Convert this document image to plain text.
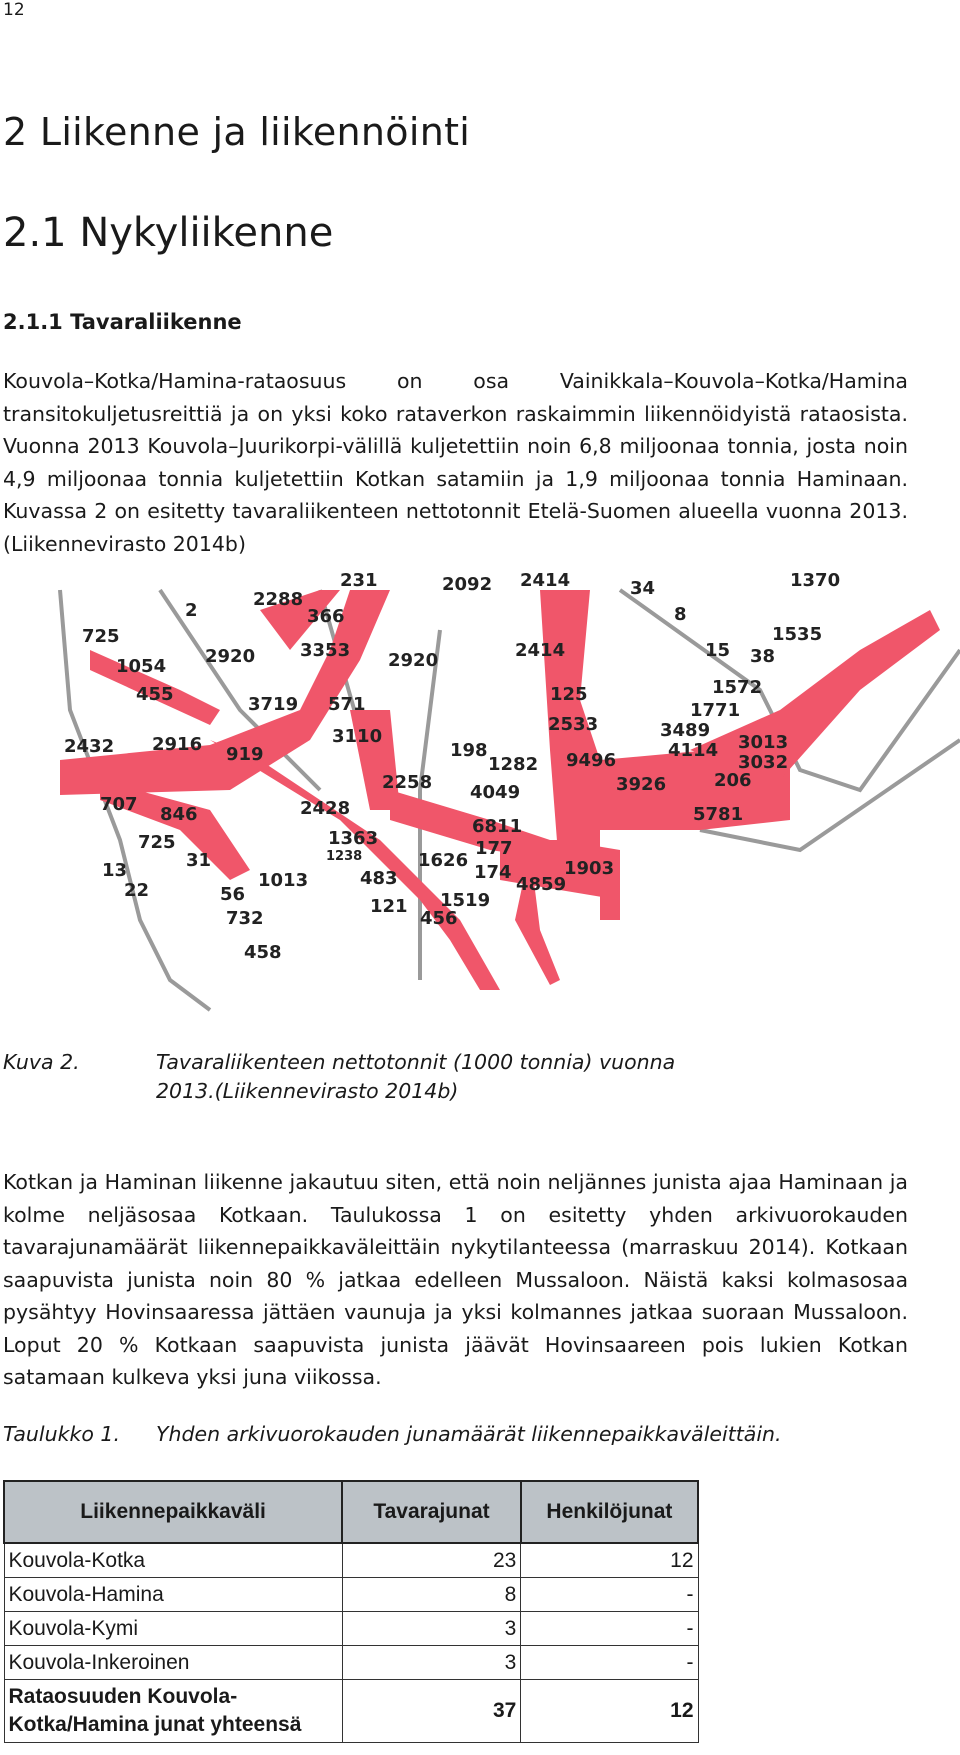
12
2 Liikenne ja liikennöinti
2.1 Nykyliikenne
2.1.1 Tavaraliikenne

Kouvola–Kotka/Hamina-rataosuus on osa Vainikkala–Kouvola–Kotka/Hamina transitokuljetusreittiä ja on yksi koko rataverkon raskaimmin liikennöidyistä rataosista. Vuonna 2013 Kouvola–Juurikorpi-välillä kuljetettiin noin 6,8 miljoonaa tonnia, josta noin 4,9 miljoonaa tonnia kuljetettiin Kotkan satamiin ja 1,9 miljoonaa tonnia Haminaan. Kuvassa 2 on esitetty tavaraliikenteen nettotonnit Etelä-Suomen alueella vuonna 2013. (Liikennevirasto 2014b)

231	2092 2414	34	1370
2
2288
366	8
725
2920 3353 2920	2414	15
1535
38
1054
125	1572
455	3719 571	1771
2533	3489
2432 2916	3110
198	4114 3013
919	1282 9496
3926
3032
206
2258 4049
707 846	2428
6811
5781
1363
1238
725
31	1626
177
1903
13	1013	483	174
22	4859
56
121 1519
732	456
458
Kuva 2.	Tavaraliikenteen nettotonnit (1000 tonnia) vuonna
2013.(Liikennevirasto 2014b)

Kotkan ja Haminan liikenne jakautuu siten, että noin neljännes junista ajaa Haminaan ja kolme neljäsosaa Kotkaan. Taulukossa 1 on esitetty yhden arkivuorokauden tavarajunamäärät liikennepaikkaväleittäin nykytilanteessa (marraskuu 2014). Kotkaan saapuvista junista noin 80 % jatkaa edelleen Mussaloon. Näistä kaksi kolmasosaa pysähtyy Hovinsaaressa jättäen vaunuja ja yksi kolmannes jatkaa suoraan Mussaloon. Loput 20 % Kotkaan saapuvista junista jäävät Hovinsaareen pois lukien Kotkan satamaan kulkeva yksi juna viikossa.

Taulukko 1. Yhden arkivuorokauden junamäärät liikennepaikkaväleittäin.
Liikennepaikkaväli	Tavarajunat	Henkilöjunat
Kouvola-Kotka	23	12
Kouvola-Hamina	8	-
Kouvola-Kymi	3	-
Kouvola-Inkeroinen	3	-
Rataosuuden Kouvola-Kotka/Hamina junat yhteensä	37	12
